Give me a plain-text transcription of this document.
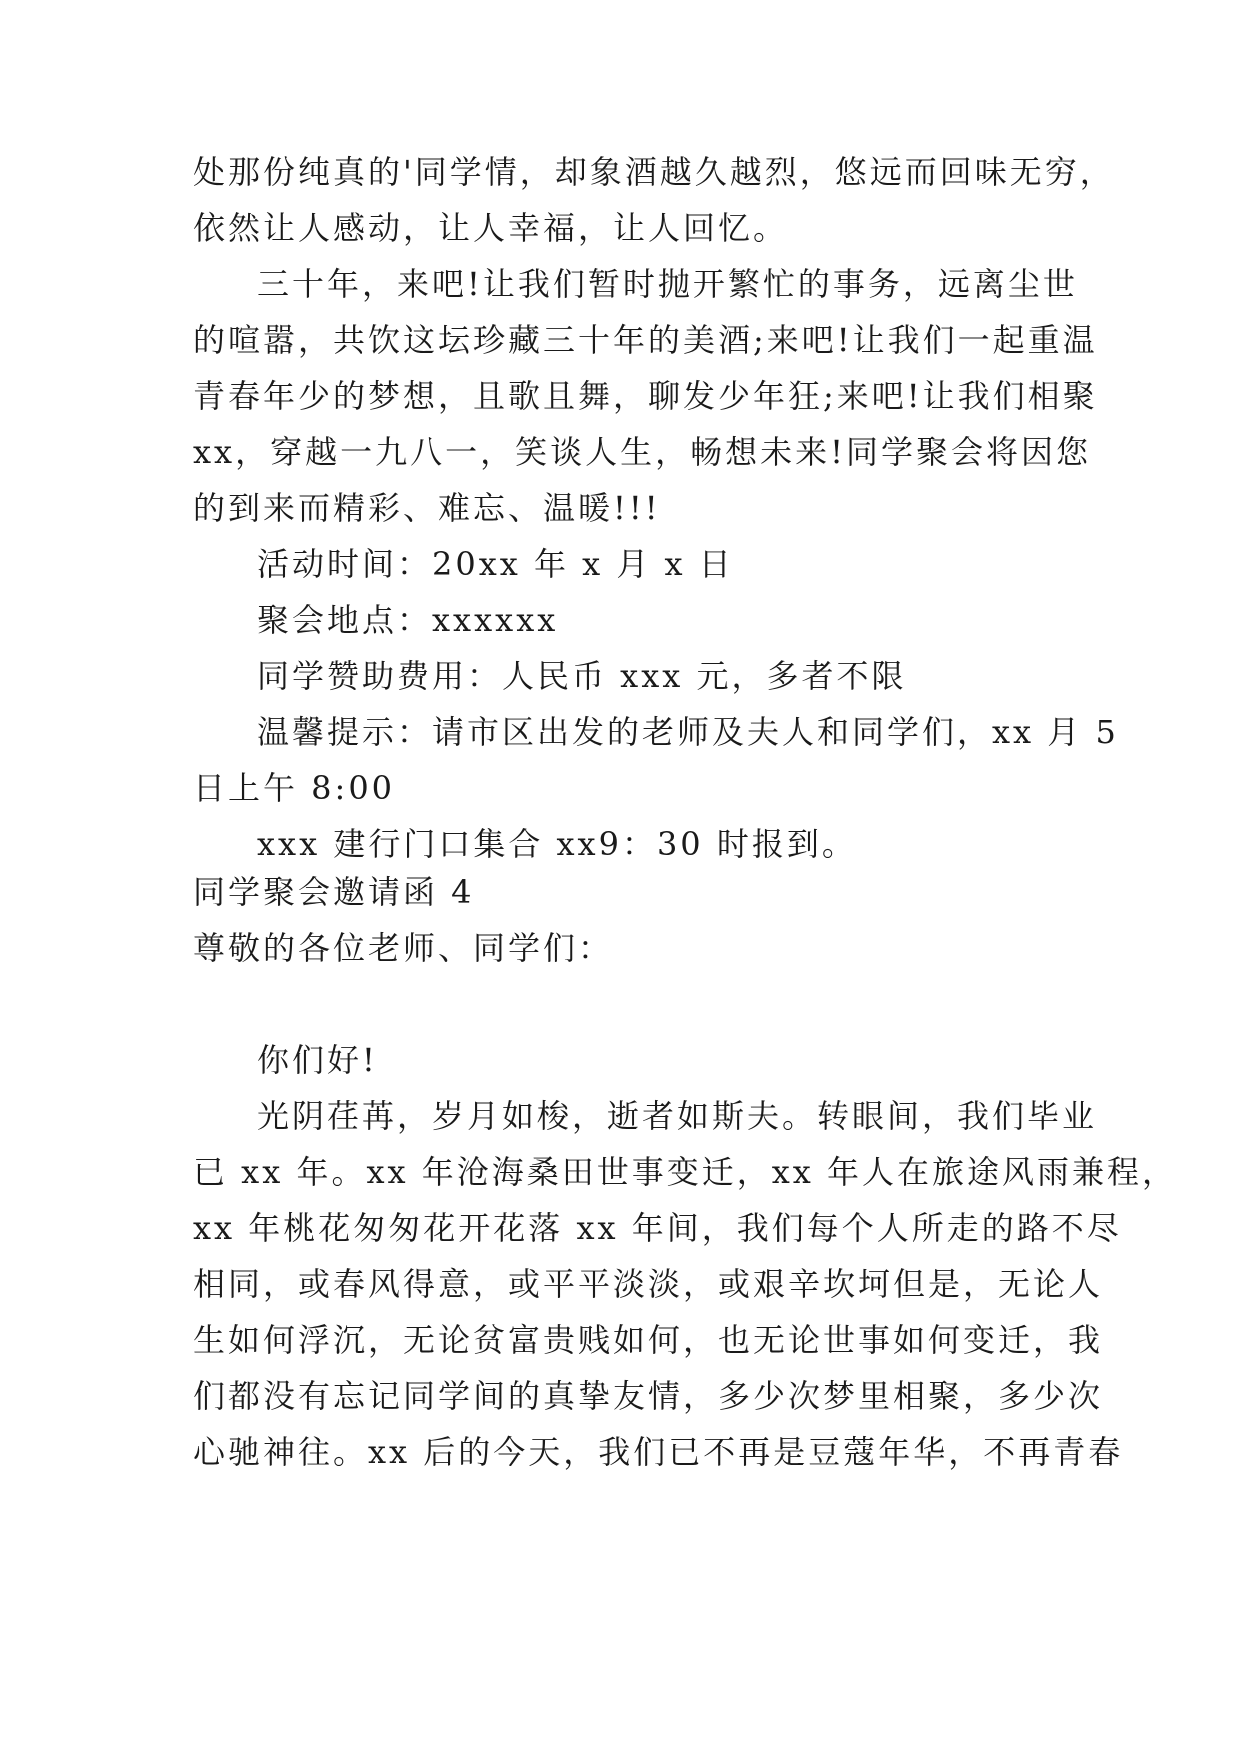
处那份纯真的'同学情，却象酒越久越烈，悠远而回味无穷，
依然让人感动，让人幸福，让人回忆。
三十年，来吧!让我们暂时抛开繁忙的事务，远离尘世
的喧嚣，共饮这坛珍藏三十年的美酒;来吧!让我们一起重温
青春年少的梦想，且歌且舞，聊发少年狂;来吧!让我们相聚
xx，穿越一九八一，笑谈人生，畅想未来!同学聚会将因您
的到来而精彩、难忘、温暖!!!
活动时间：20xx 年 x 月 x 日
聚会地点：xxxxxx
同学赞助费用：人民币 xxx 元，多者不限
温馨提示：请市区出发的老师及夫人和同学们，xx 月 5
日上午 8:00
xxx 建行门口集合 xx9：30 时报到。
同学聚会邀请函 4
尊敬的各位老师、同学们：
你们好!
光阴荏苒，岁月如梭，逝者如斯夫。转眼间，我们毕业
已 xx 年。xx 年沧海桑田世事变迁，xx 年人在旅途风雨兼程，
xx 年桃花匆匆花开花落 xx 年间，我们每个人所走的路不尽
相同，或春风得意，或平平淡淡，或艰辛坎坷但是，无论人
生如何浮沉，无论贫富贵贱如何，也无论世事如何变迁，我
们都没有忘记同学间的真挚友情，多少次梦里相聚，多少次
心驰神往。xx 后的今天，我们已不再是豆蔻年华，不再青春
